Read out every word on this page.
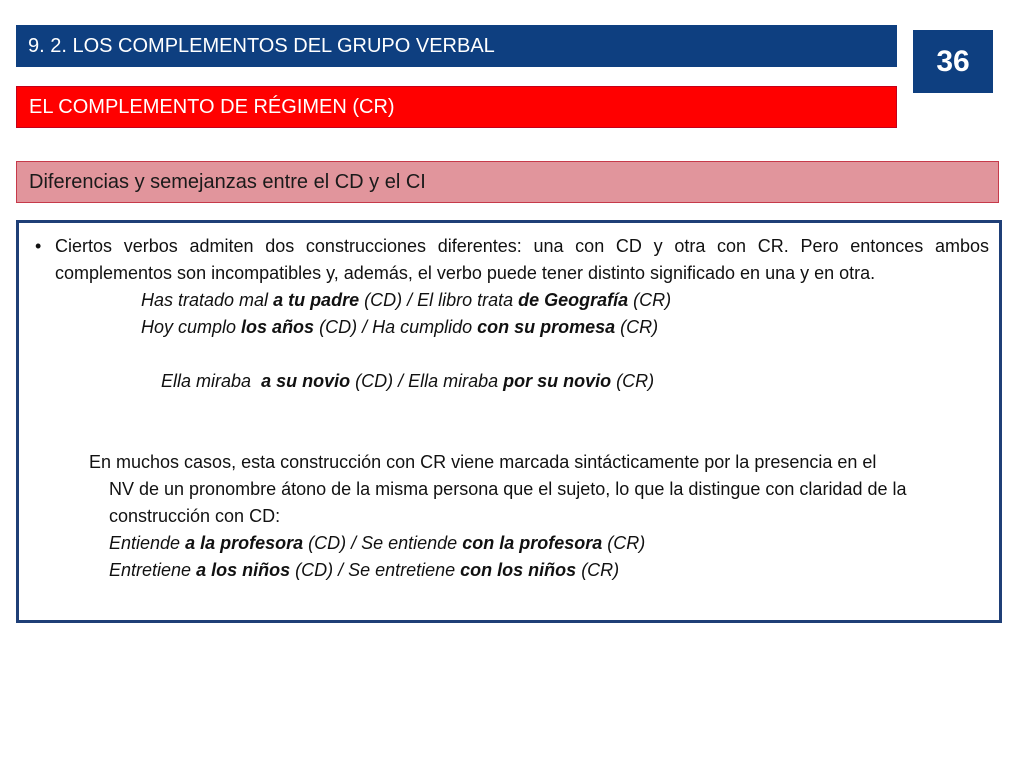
9. 2. LOS COMPLEMENTOS DEL GRUPO VERBAL	36
EL COMPLEMENTO DE RÉGIMEN (CR)
Diferencias y semejanzas entre el CD y el CI
• Ciertos verbos admiten dos construcciones diferentes: una con CD y otra con CR. Pero entonces ambos complementos son incompatibles y, además, el verbo puede tener distinto significado en una y en otra.
Has tratado mal a tu padre (CD) / El libro trata de Geografía (CR)
Hoy cumplo los años (CD) / Ha cumplido con su promesa (CR)

Ella miraba  a su novio (CD) / Ella miraba por su novio (CR)

En muchos casos, esta construcción con CR viene marcada sintácticamente por la presencia en el
NV de un pronombre átono de la misma persona que el sujeto, lo que la distingue con claridad de la construcción con CD:
Entiende a la profesora (CD) / Se entiende con la profesora (CR)
Entretiene a los niños (CD) / Se entretiene con los niños (CR)
